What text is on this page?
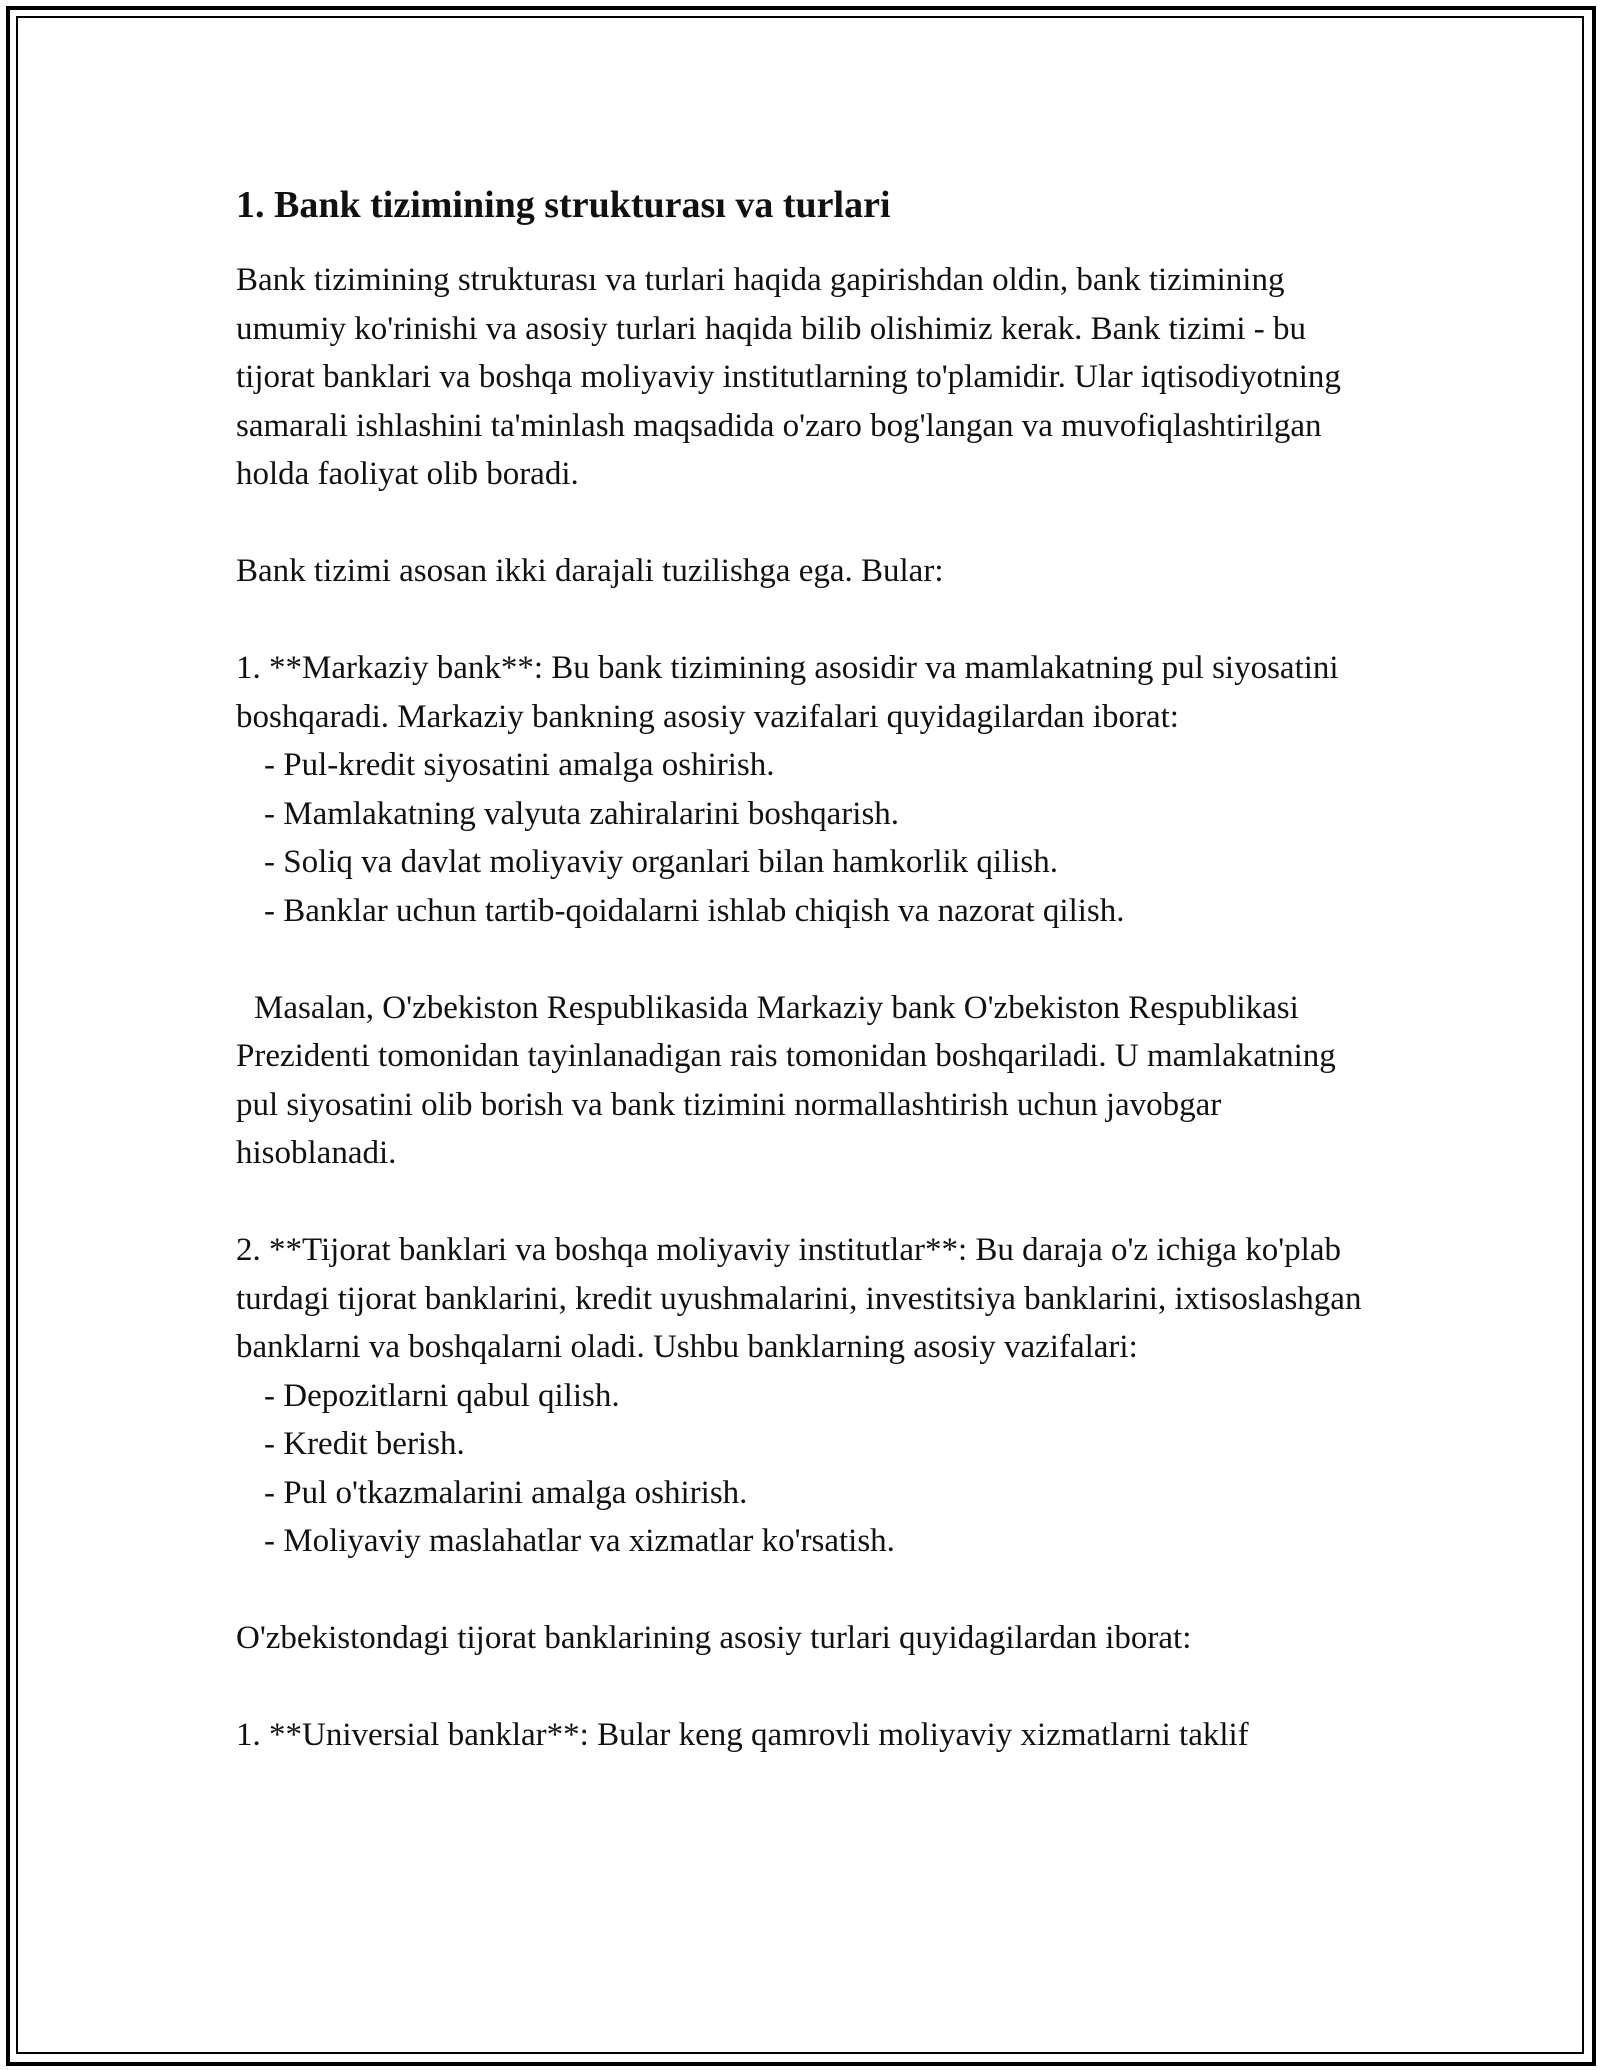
1. Bank tizimining strukturası va turlari

Bank tizimining strukturası va turlari haqida gapirishdan oldin, bank tizimining umumiy ko'rinishi va asosiy turlari haqida bilib olishimiz kerak. Bank tizimi - bu tijorat banklari va boshqa moliyaviy institutlarning to'plamidir. Ular iqtisodiyotning samarali ishlashini ta'minlash maqsadida o'zaro bog'langan va muvofiqlashtirilgan holda faoliyat olib boradi.

Bank tizimi asosan ikki darajali tuzilishga ega. Bular:

1. **Markaziy bank**: Bu bank tizimining asosidir va mamlakatning pul siyosatini boshqaradi. Markaziy bankning asosiy vazifalari quyidagilardan iborat:

- Pul-kredit siyosatini amalga oshirish.

- Mamlakatning valyuta zahiralarini boshqarish.

- Soliq va davlat moliyaviy organlari bilan hamkorlik qilish.

- Banklar uchun tartib-qoidalarni ishlab chiqish va nazorat qilish.

Masalan, O'zbekiston Respublikasida Markaziy bank O'zbekiston Respublikasi Prezidenti tomonidan tayinlanadigan rais tomonidan boshqariladi. U mamlakatning pul siyosatini olib borish va bank tizimini normallashtirish uchun javobgar hisoblanadi.

2. **Tijorat banklari va boshqa moliyaviy institutlar**: Bu daraja o'z ichiga ko'plab turdagi tijorat banklarini, kredit uyushmalarini, investitsiya banklarini, ixtisoslashgan banklarni va boshqalarni oladi. Ushbu banklarning asosiy vazifalari:

- Depozitlarni qabul qilish.

- Kredit berish.

- Pul o'tkazmalarini amalga oshirish.

- Moliyaviy maslahatlar va xizmatlar ko'rsatish.

O'zbekistondagi tijorat banklarining asosiy turlari quyidagilardan iborat:

1. **Universial banklar**: Bular keng qamrovli moliyaviy xizmatlarni taklif
